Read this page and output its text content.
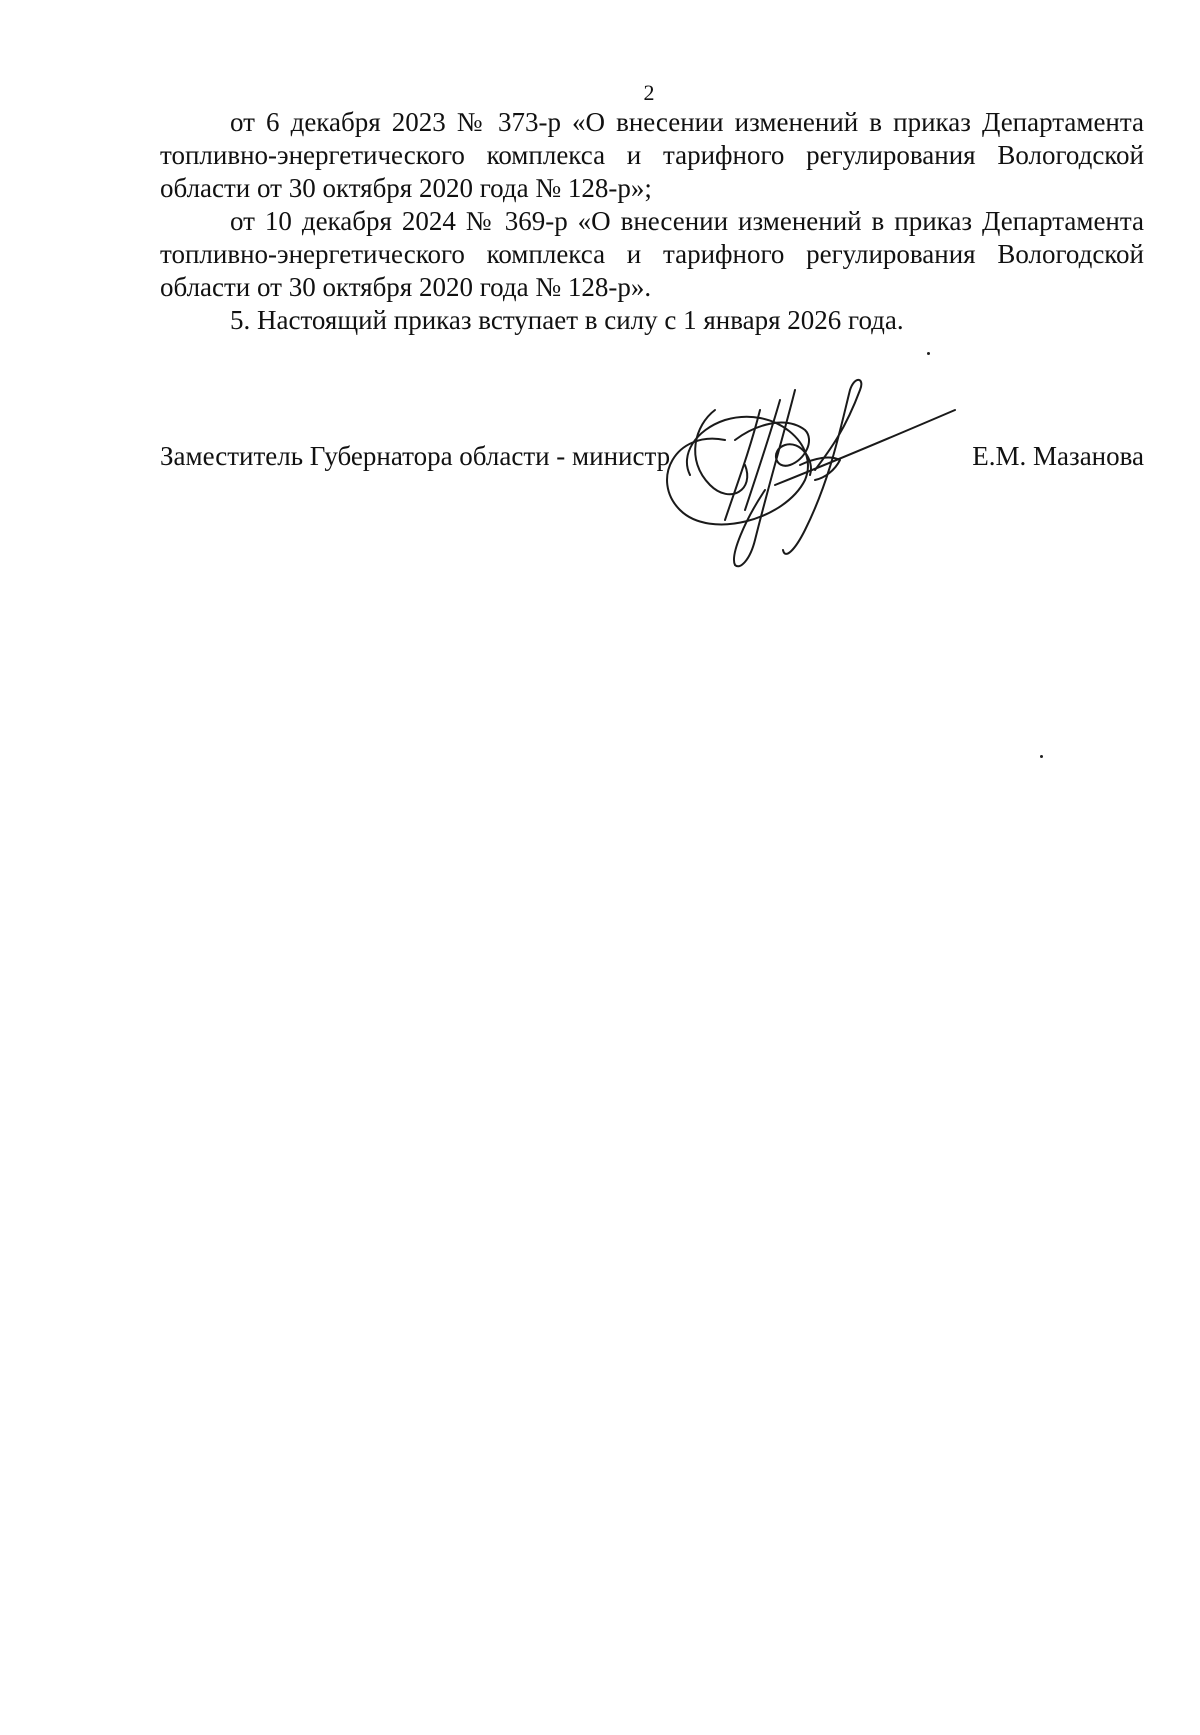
2

от 6 декабря 2023 № 373-р «О внесении изменений в приказ Департамента топливно-энергетического комплекса и тарифного регулирования Вологодской области от 30 октября 2020 года № 128-р»;

от 10 декабря 2024 № 369-р «О внесении изменений в приказ Департамента топливно-энергетического комплекса и тарифного регулирования Вологодской области от 30 октября 2020 года № 128-р».

5. Настоящий приказ вступает в силу с 1 января 2026 года.

Заместитель Губернатора области - министр	Е.М. Мазанова
